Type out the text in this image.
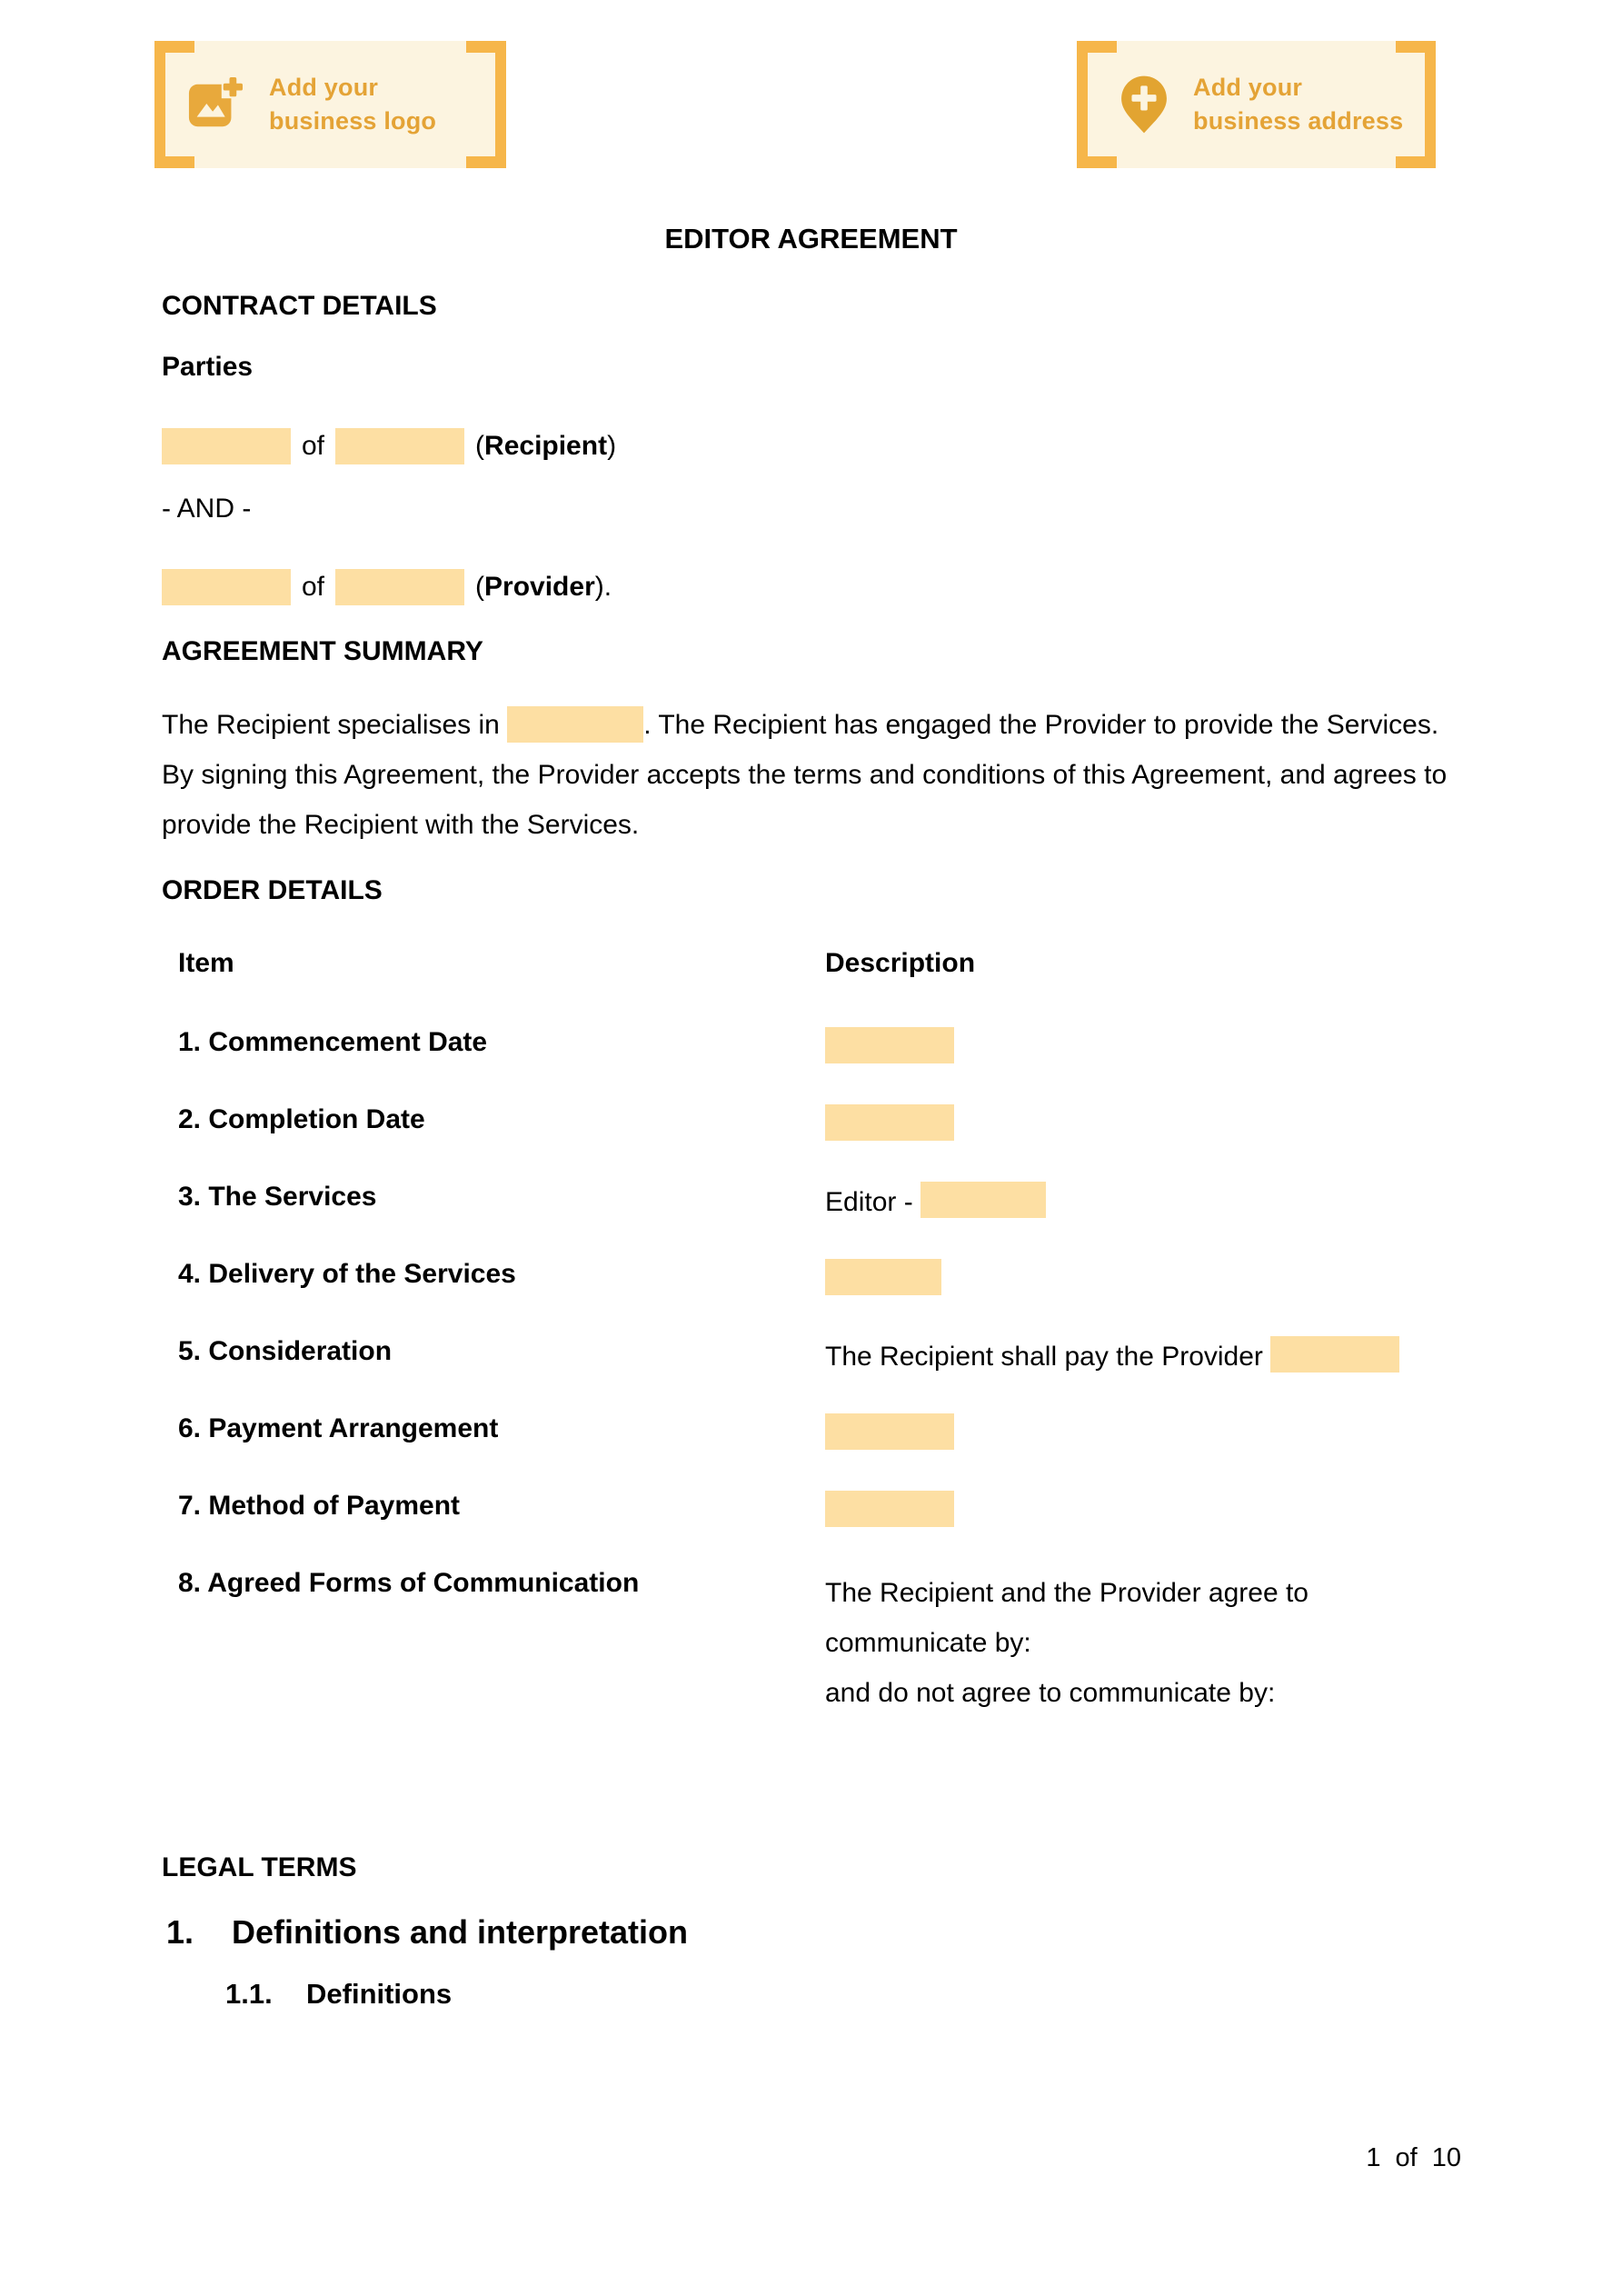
Add your
business logo
Add your
business address
EDITOR AGREEMENT
CONTRACT DETAILS
Parties
of	(Recipient)
- AND -
of	(Provider).
AGREEMENT SUMMARY
The Recipient specialises in	. The Recipient has engaged the Provider to provide the Services. By signing this Agreement, the Provider accepts the terms and conditions of this Agreement, and agrees to provide the Recipient with the Services.
ORDER DETAILS
Item	Description
1. Commencement Date
2. Completion Date
3. The Services	Editor -
4. Delivery of the Services
5. Consideration	The Recipient shall pay the Provider
6. Payment Arrangement
7. Method of Payment
8. Agreed Forms of Communication	The Recipient and the Provider agree to
communicate by:
and do not agree to communicate by:
LEGAL TERMS
1.	Definitions and interpretation
1.1.	Definitions
1 of 10
